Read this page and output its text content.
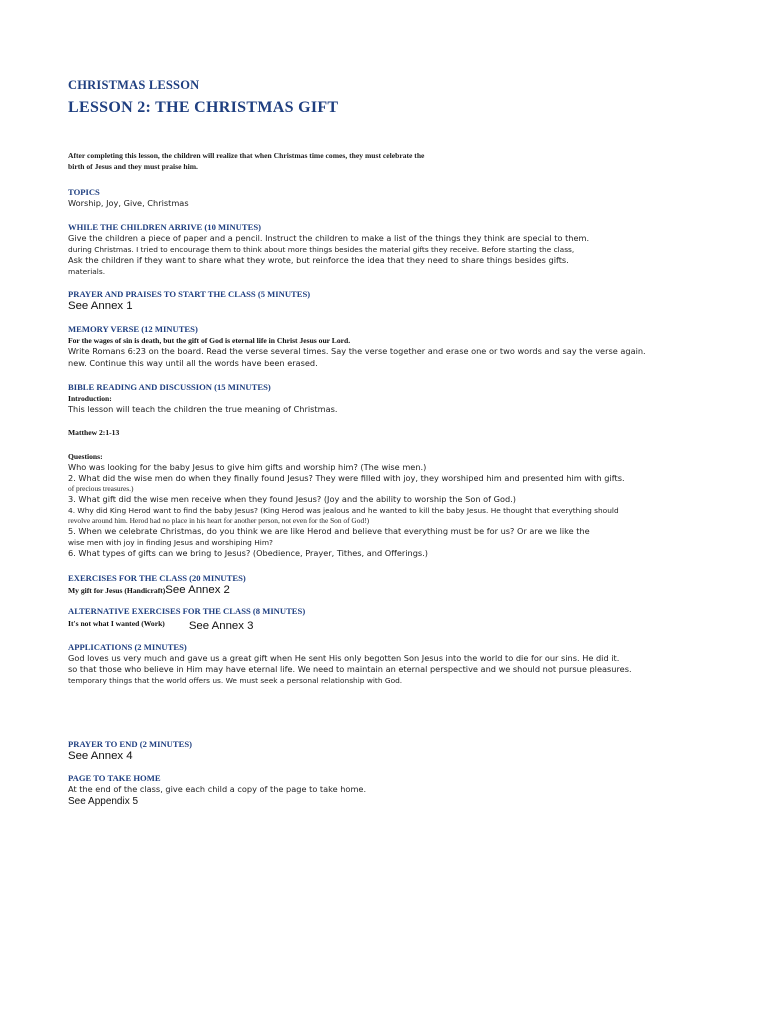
CHRISTMAS LESSON

LESSON 2: THE CHRISTMAS GIFT

After completing this lesson, the children will realize that when Christmas time comes, they must celebrate the
birth of Jesus and they must praise him.

TOPICS

Worship, Joy, Give, Christmas

WHILE THE CHILDREN ARRIVE (10 MINUTES)

Give the children a piece of paper and a pencil. Instruct the children to make a list of the things they think are special to them.

during Christmas. I tried to encourage them to think about more things besides the material gifts they receive. Before starting the class,

Ask the children if they want to share what they wrote, but reinforce the idea that they need to share things besides gifts.

materials.

PRAYER AND PRAISES TO START THE CLASS (5 MINUTES)

See Annex 1

MEMORY VERSE (12 MINUTES)

For the wages of sin is death, but the gift of God is eternal life in Christ Jesus our Lord.

Write Romans 6:23 on the board. Read the verse several times. Say the verse together and erase one or two words and say the verse again.

new. Continue this way until all the words have been erased.

BIBLE READING AND DISCUSSION (15 MINUTES)

Introduction:

This lesson will teach the children the true meaning of Christmas.

Matthew 2:1-13

Questions:

Who was looking for the baby Jesus to give him gifts and worship him? (The wise men.)

2. What did the wise men do when they finally found Jesus? They were filled with joy, they worshiped him and presented him with gifts.

of precious treasures.)

3. What gift did the wise men receive when they found Jesus? (Joy and the ability to worship the Son of God.)

4. Why did King Herod want to find the baby Jesus? (King Herod was jealous and he wanted to kill the baby Jesus. He thought that everything should

revolve around him. Herod had no place in his heart for another person, not even for the Son of God!)

5. When we celebrate Christmas, do you think we are like Herod and believe that everything must be for us? Or are we like the

wise men with joy in finding Jesus and worshiping Him?

6. What types of gifts can we bring to Jesus? (Obedience, Prayer, Tithes, and Offerings.)

EXERCISES FOR THE CLASS (20 MINUTES)

My gift for Jesus (Handicraft) See Annex 2

ALTERNATIVE EXERCISES FOR THE CLASS (8 MINUTES)

It's not what I wanted (Work) See Annex 3

APPLICATIONS (2 MINUTES)

God loves us very much and gave us a great gift when He sent His only begotten Son Jesus into the world to die for our sins. He did it.

so that those who believe in Him may have eternal life. We need to maintain an eternal perspective and we should not pursue pleasures.

temporary things that the world offers us. We must seek a personal relationship with God.

PRAYER TO END (2 MINUTES)

See Annex 4

PAGE TO TAKE HOME

At the end of the class, give each child a copy of the page to take home.

See Appendix 5
